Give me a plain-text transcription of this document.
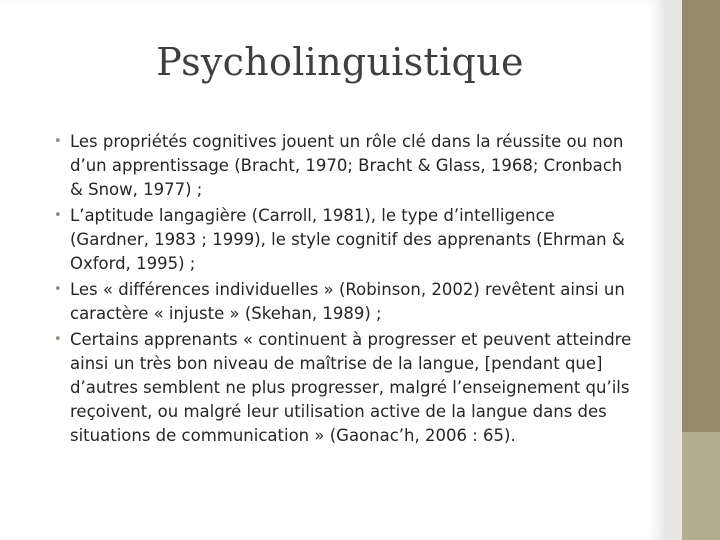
Psycholinguistique
• Les propriétés cognitives jouent un rôle clé dans la réussite ou non d’un apprentissage (Bracht, 1970; Bracht & Glass, 1968; Cronbach & Snow, 1977) ;
• L’aptitude langagière (Carroll, 1981), le type d’intelligence (Gardner, 1983 ; 1999), le style cognitif des apprenants (Ehrman & Oxford, 1995) ;
• Les « différences individuelles » (Robinson, 2002) revêtent ainsi un caractère « injuste » (Skehan, 1989) ;
• Certains apprenants « continuent à progresser et peuvent atteindre ainsi un très bon niveau de maîtrise de la langue, [pendant que] d’autres semblent ne plus progresser, malgré l’enseignement qu’ils reçoivent, ou malgré leur utilisation active de la langue dans des situations de communication » (Gaonac’h, 2006 : 65).
